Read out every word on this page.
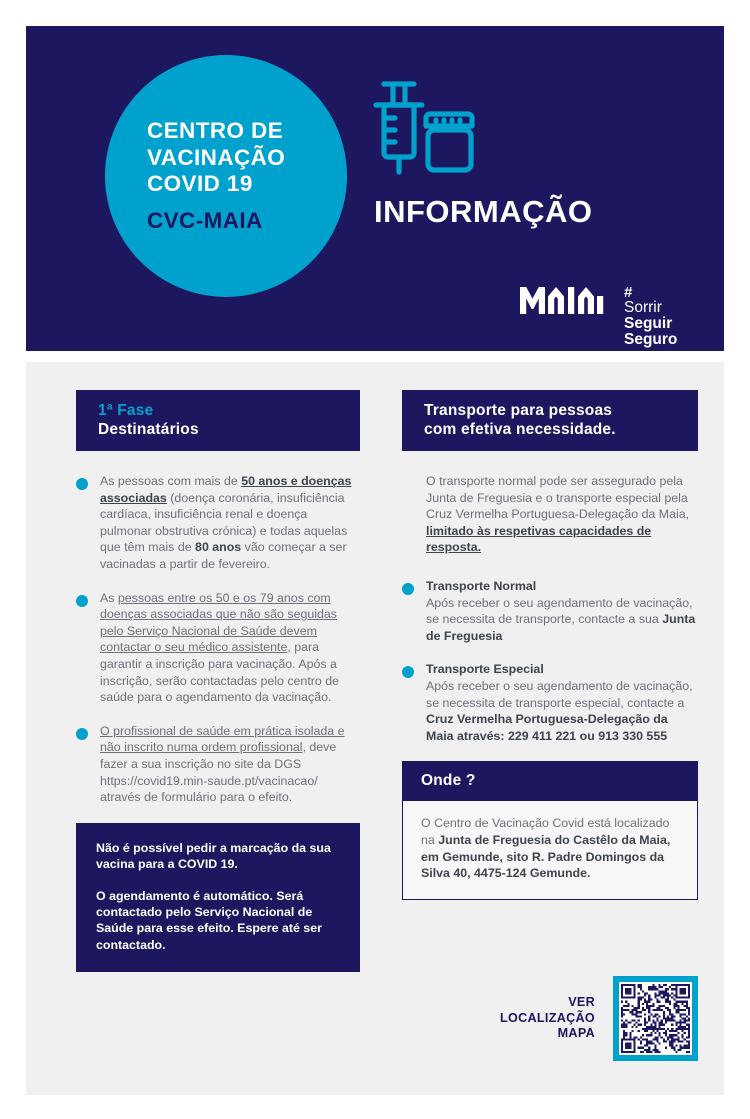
CENTRO DE
VACINAÇÃO
COVID 19
CVC-MAIA	INFORMAÇÃO
#
Sorrir
Seguir
Seguro
1ª Fase
Destinatários
As pessoas com mais de 50 anos e doenças associadas (doença coronária, insuficiência cardíaca, insuficiência renal e doença pulmonar obstrutiva crónica) e todas aquelas que têm mais de 80 anos vão começar a ser vacinadas a partir de fevereiro.
As pessoas entre os 50 e os 79 anos com doenças associadas que não são seguidas pelo Serviço Nacional de Saúde devem contactar o seu médico assistente, para garantir a inscrição para vacinação. Após a inscrição, serão contactadas pelo centro de saúde para o agendamento da vacinação.
O profissional de saúde em prática isolada e não inscrito numa ordem profissional, deve fazer a sua inscrição no site da DGS https://covid19.min-saude.pt/vacinacao/ através de formulário para o efeito.

Não é possível pedir a marcação da sua vacina para a COVID 19.

O agendamento é automático. Será contactado pelo Serviço Nacional de Saúde para esse efeito. Espere até ser contactado.

Transporte para pessoas
com efetiva necessidade.
O transporte normal pode ser assegurado pela Junta de Freguesia e o transporte especial pela Cruz Vermelha Portuguesa-Delegação da Maia, limitado às respetivas capacidades de resposta.
Transporte Normal
Após receber o seu agendamento de vacinação, se necessita de transporte, contacte a sua Junta de Freguesia
Transporte Especial
Após receber o seu agendamento de vacinação, se necessita de transporte especial, contacte a Cruz Vermelha Portuguesa-Delegação da Maia através: 229 411 221 ou 913 330 555
Onde ?
O Centro de Vacinação Covid está localizado na Junta de Freguesia do Castêlo da Maia, em Gemunde, sito R. Padre Domingos da Silva 40, 4475-124 Gemunde.
VER
LOCALIZAÇÃO
MAPA
